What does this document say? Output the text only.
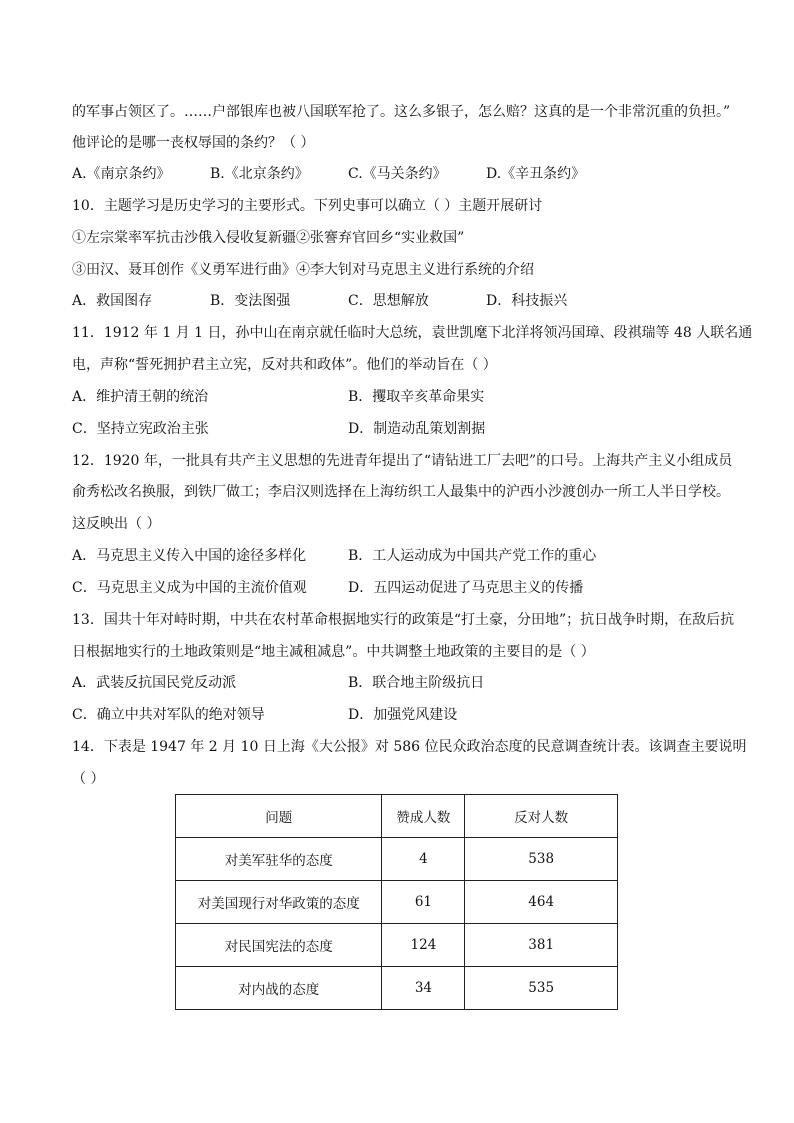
的军事占领区了。……户部银库也被八国联军抢了。这么多银子，怎么赔？这真的是一个非常沉重的负担。”
他评论的是哪一丧权辱国的条约？（ ）
A.《南京条约》	B.《北京条约》	C.《马关条约》	D.《辛丑条约》
10．主题学习是历史学习的主要形式。下列史事可以确立（ ）主题开展研讨
①左宗棠率军抗击沙俄入侵收复新疆②张謇弃官回乡“实业救国”
③田汉、聂耳创作《义勇军进行曲》④李大钊对马克思主义进行系统的介绍
A．救国图存	B．变法图强	C．思想解放	D．科技振兴
11．1912 年 1 月 1 日，孙中山在南京就任临时大总统，袁世凯麾下北洋将领冯国璋、段祺瑞等 48 人联名通
电，声称“誓死拥护君主立宪，反对共和政体”。他们的举动旨在（ ）
A．维护清王朝的统治	B．攫取辛亥革命果实
C．坚持立宪政治主张	D．制造动乱策划割据
12．1920 年，一批具有共产主义思想的先进青年提出了“请钻进工厂去吧”的口号。上海共产主义小组成员
俞秀松改名换服，到铁厂做工；李启汉则选择在上海纺织工人最集中的沪西小沙渡创办一所工人半日学校。
这反映出（ ）
A．马克思主义传入中国的途径多样化	B．工人运动成为中国共产党工作的重心
C．马克思主义成为中国的主流价值观	D．五四运动促进了马克思主义的传播
13．国共十年对峙时期，中共在农村革命根据地实行的政策是“打土豪，分田地”；抗日战争时期，在敌后抗
日根据地实行的土地政策则是“地主减租减息”。中共调整土地政策的主要目的是（ ）
A．武装反抗国民党反动派	B．联合地主阶级抗日
C．确立中共对军队的绝对领导	D．加强党风建设
14．下表是 1947 年 2 月 10 日上海《大公报》对 586 位民众政治态度的民意调查统计表。该调查主要说明
（ ）
问题	赞成人数	反对人数
对美军驻华的态度	4	538
对美国现行对华政策的态度	61	464
对民国宪法的态度	124	381
对内战的态度	34	535
